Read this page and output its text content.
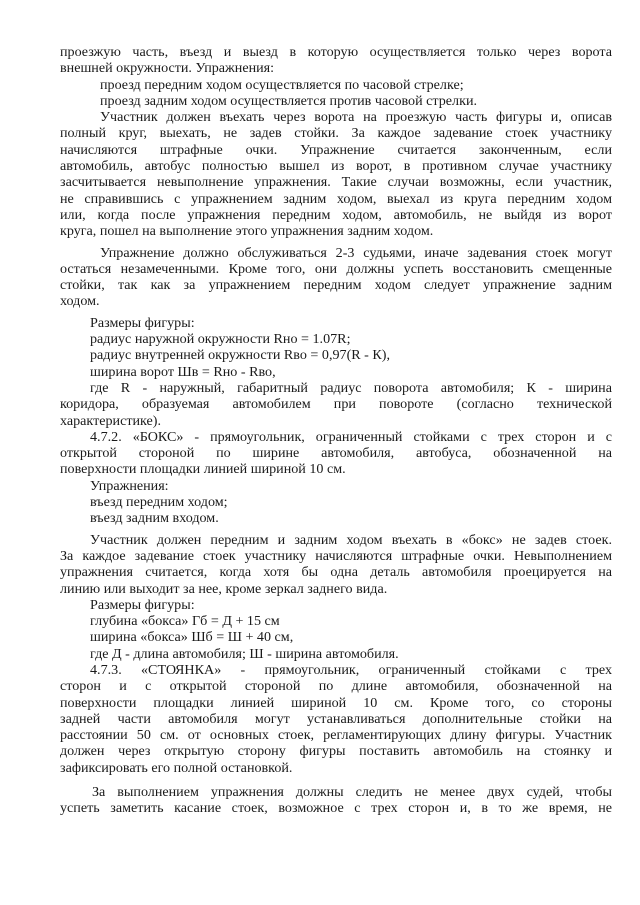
проезжую часть, въезд и выезд в которую осуществляется только через ворота
внешней окружности. Упражнения:
проезд передним ходом осуществляется по часовой стрелке;
проезд задним ходом осуществляется против часовой стрелки.
Участник должен въехать через ворота на проезжую часть фигуры и, описав
полный круг, выехать, не задев стойки. За каждое задевание стоек участнику
начисляются штрафные очки. Упражнение считается законченным, если
автомобиль, автобус полностью вышел из ворот, в противном случае участнику
засчитывается невыполнение упражнения. Такие случаи возможны, если участник,
не справившись с упражнением задним ходом, выехал из круга передним ходом
или, когда после упражнения передним ходом, автомобиль, не выйдя из ворот
круга, пошел на выполнение этого упражнения задним ходом.
Упражнение должно обслуживаться 2-3 судьями, иначе задевания стоек могут
остаться незамеченными. Кроме того, они должны успеть восстановить смещенные
стойки, так как за упражнением передним ходом следует упражнение задним
ходом.
Размеры фигуры:
радиус наружной окружности Rно = 1.07R;
радиус внутренней окружности Rво = 0,97(R - К),
ширина ворот Шв = Rно - Rво,
где R - наружный, габаритный радиус поворота автомобиля; К - ширина
коридора, образуемая автомобилем при повороте (согласно технической
характеристике).
4.7.2. «БОКС» - прямоугольник, ограниченный стойками с трех сторон и с
открытой стороной по ширине автомобиля, автобуса, обозначенной на
поверхности площадки линией шириной 10 см.
Упражнения:
въезд передним ходом;
въезд задним входом.
Участник должен передним и задним ходом въехать в «бокс» не задев стоек.
За каждое задевание стоек участнику начисляются штрафные очки. Невыполнением
упражнения считается, когда хотя бы одна деталь автомобиля проецируется на
линию или выходит за нее, кроме зеркал заднего вида.
Размеры фигуры:
глубина «бокса» Гб = Д + 15 см
ширина «бокса» Шб = Ш + 40 см,
где Д - длина автомобиля; Ш - ширина автомобиля.
4.7.3. «СТОЯНКА» - прямоугольник, ограниченный стойками с трех
сторон и с открытой стороной по длине автомобиля, обозначенной на
поверхности площадки линией шириной 10 см. Кроме того, со стороны
задней части автомобиля могут устанавливаться дополнительные стойки на
расстоянии 50 см. от основных стоек, регламентирующих длину фигуры. Участник
должен через открытую сторону фигуры поставить автомобиль на стоянку и
зафиксировать его полной остановкой.
За выполнением упражнения должны следить не менее двух судей, чтобы
успеть заметить касание стоек, возможное с трех сторон и, в то же время, не
